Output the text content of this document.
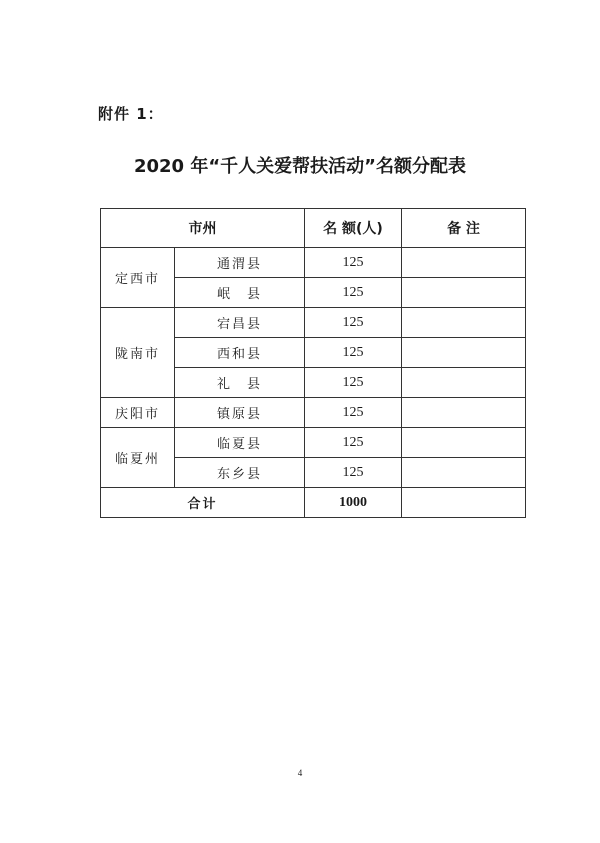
附件 1：
2020 年“千人关爱帮扶活动”名额分配表
市州		名 额(人)	备 注
定西市	通渭县	125	
	岷　县	125	
陇南市	宕昌县	125	
	西和县	125	
	礼　县	125	
庆阳市	镇原县	125	
临夏州	临夏县	125	
	东乡县	125	
合计		1000	
4
